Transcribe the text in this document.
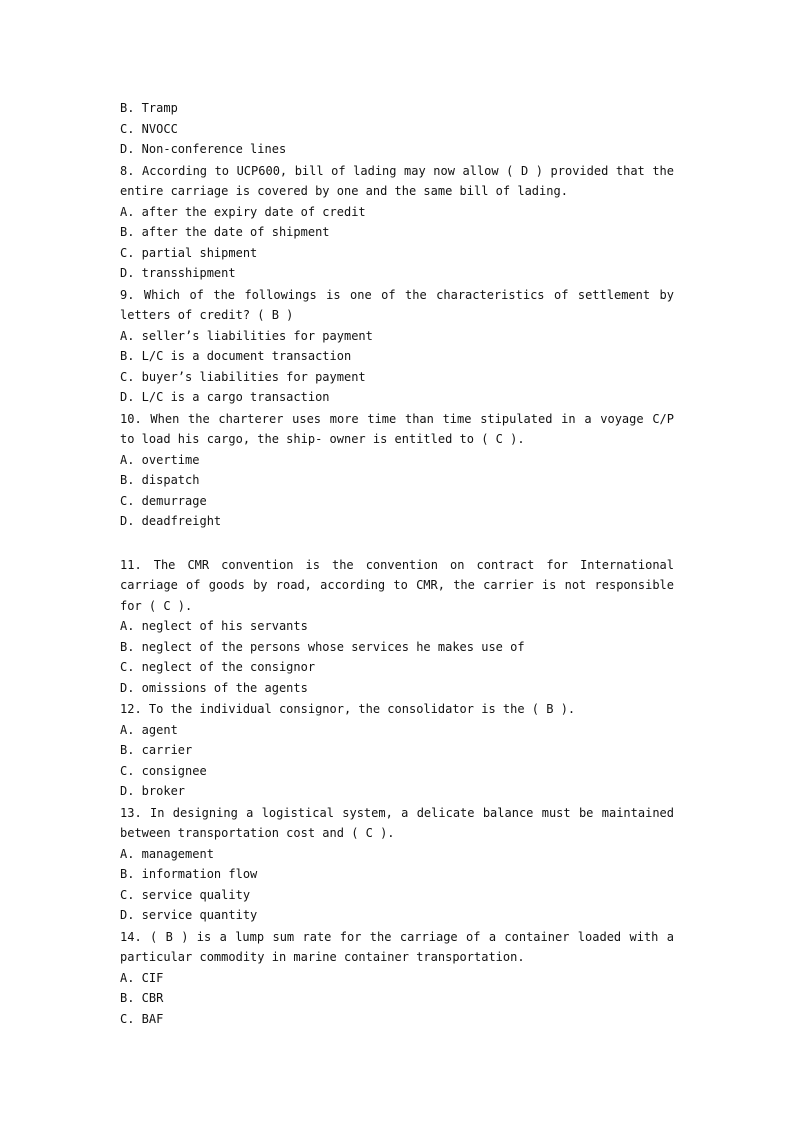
B. Tramp
C. NVOCC
D. Non-conference lines
8. According to UCP600, bill of lading may now allow ( D ) provided that the entire carriage is covered by one and the same bill of lading.
A. after the expiry date of credit
B. after the date of shipment
C. partial shipment
D. transshipment
9. Which of the followings is one of the characteristics of settlement by letters of credit? ( B )
A. seller’s liabilities for payment
B. L/C is a document transaction
C. buyer’s liabilities for payment
D. L/C is a cargo transaction
10. When the charterer uses more time than time stipulated in a voyage C/P to load his cargo, the ship- owner is entitled to ( C ).
A. overtime
B. dispatch
C. demurrage
D. deadfreight
11. The CMR convention is the convention on contract for International carriage of goods by road, according to CMR, the carrier is not responsible for ( C ).
A. neglect of his servants
B. neglect of the persons whose services he makes use of
C. neglect of the consignor
D. omissions of the agents
12. To the individual consignor, the consolidator is the ( B ).
A. agent
B. carrier
C. consignee
D. broker
13. In designing a logistical system, a delicate balance must be maintained between transportation cost and ( C ).
A. management
B. information flow
C. service quality
D. service quantity
14. ( B ) is a lump sum rate for the carriage of a container loaded with a particular commodity in marine container transportation.
A. CIF
B. CBR
C. BAF
